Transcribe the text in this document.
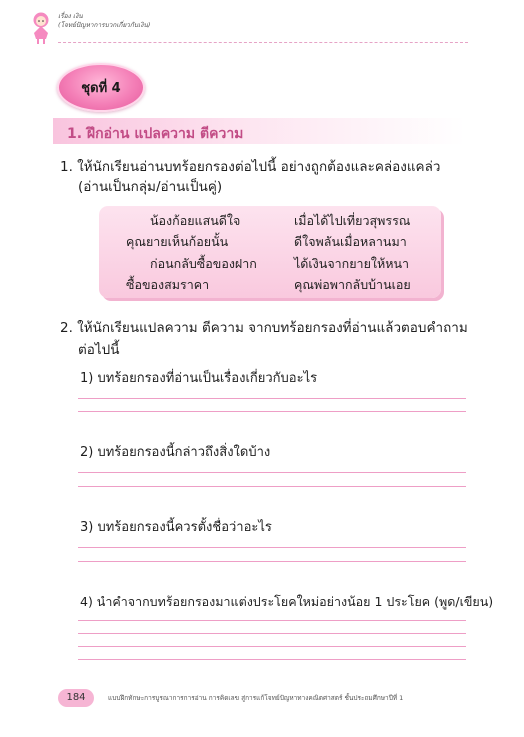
เรื่อง เงิน
(โจทย์ปัญหาการบวกเกี่ยวกับเงิน)
ชุดที่ 4
1. ฝึกอ่าน แปลความ ตีความ
1. ให้นักเรียนอ่านบทร้อยกรองต่อไปนี้ อย่างถูกต้องและคล่องแคล่ว
(อ่านเป็นกลุ่ม/อ่านเป็นคู่)
น้องก้อยแสนดีใจ
คุณยายเห็นก้อยนั้น
ก่อนกลับซื้อของฝาก
ซื้อของสมราคา
เมื่อได้ไปเที่ยวสุพรรณ
ดีใจพลันเมื่อหลานมา
ได้เงินจากยายให้หนา
คุณพ่อพากลับบ้านเอย
2. ให้นักเรียนแปลความ ตีความ จากบทร้อยกรองที่อ่านแล้วตอบคำถาม
ต่อไปนี้
1) บทร้อยกรองที่อ่านเป็นเรื่องเกี่ยวกับอะไร
2) บทร้อยกรองนี้กล่าวถึงสิ่งใดบ้าง
3) บทร้อยกรองนี้ควรตั้งชื่อว่าอะไร
4) นำคำจากบทร้อยกรองมาแต่งประโยคใหม่อย่างน้อย 1 ประโยค (พูด/เขียน)
184	แบบฝึกทักษะการบูรณาการการอ่าน การคิดเลข สู่การแก้โจทย์ปัญหาทางคณิตศาสตร์ ชั้นประถมศึกษาปีที่ 1
